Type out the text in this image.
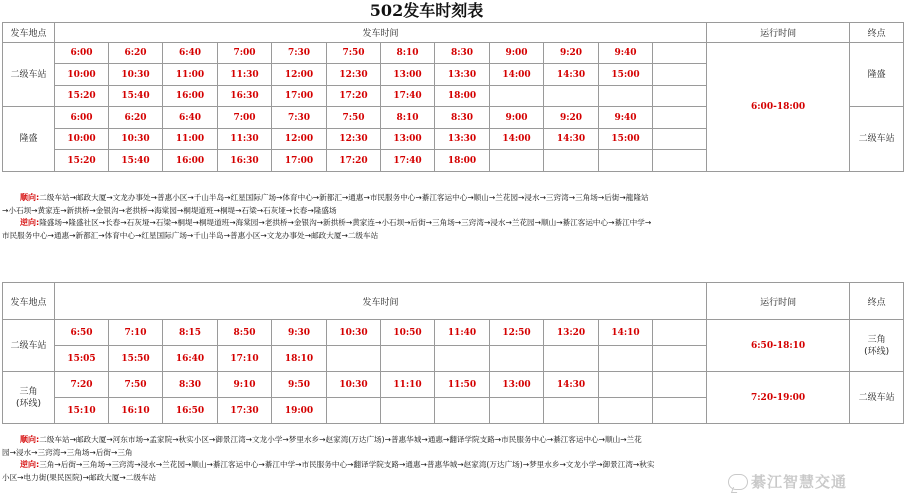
502发车时刻表
发车地点	发车时间												运行时间	终点
二级车站	6:00	6:20	6:40	7:00	7:30	7:50	8:10	8:30	9:00	9:20	9:40		6:00-18:00	隆盛
	10:00	10:30	11:00	11:30	12:00	12:30	13:00	13:30	14:00	14:30	15:00			
	15:20	15:40	16:00	16:30	17:00	17:20	17:40	18:00						
隆盛	6:00	6:20	6:40	7:00	7:30	7:50	8:10	8:30	9:00	9:20	9:40			二级车站
	10:00	10:30	11:00	11:30	12:00	12:30	13:00	13:30	14:00	14:30	15:00			
	15:20	15:40	16:00	16:30	17:00	17:20	17:40	18:00						
顺向:二级车站→邮政大厦→文龙办事处→普惠小区→千山半岛→红星国际广场→体育中心→新都汇→通惠→市民服务中心→綦江客运中心→顺山→兰花园→浸水→三窍湾→三角场→后街→龍隆站
→小石坝→黄家连→新拱桥→金银沟→老拱桥→海棠园→桐堤道班→桐堤→石梁→石灰垭→长春→隆盛场
逆向:隆盛场→隆盛社区→长春→石灰垭→石梁→桐堤→桐堤道班→海棠园→老拱桥→金银沟→新拱桥→黄家连→小石坝→后街→三角场→三窍湾→浸水→兰花园→顺山→綦江客运中心→綦江中学→
市民服务中心→通惠→新都汇→体育中心→红星国际广场→千山半岛→普惠小区→文龙办事处→邮政大厦→二级车站
发车地点	发车时间												运行时间	终点
二级车站	6:50	7:10	8:15	8:50	9:30	10:30	10:50	11:40	12:50	13:20	14:10		6:50-18:10	三角
(环线)

	15:05	15:50	16:40	17:10	18:10									

三角
(环线)	7:20	7:50	8:30	9:10	9:50	10:30	11:10	11:50	13:00	14:30			7:20-19:00	二级车站
	15:10	16:10	16:50	17:30	19:00									
顺向:二级车站→邮政大厦→河东市场→孟家院→秋实小区→御景江湾→文龙小学→梦里水乡→赵家湾(万达广场)→普惠华城→通惠→翻译学院支路→市民服务中心→綦江客运中心→顺山→兰花
园→浸水→三窍湾→三角场→后街→三角
逆向:三角→后街→三角场→三窍湾→浸水→兰花园→顺山→綦江客运中心→綦江中学→市民服务中心→翻译学院支路→通惠→普惠华城→赵家湾(万达广场)→梦里水乡→文龙小学→御景江湾→秋实
小区→电力街(果民医院)→邮政大厦→二级车站	綦江智慧交通
